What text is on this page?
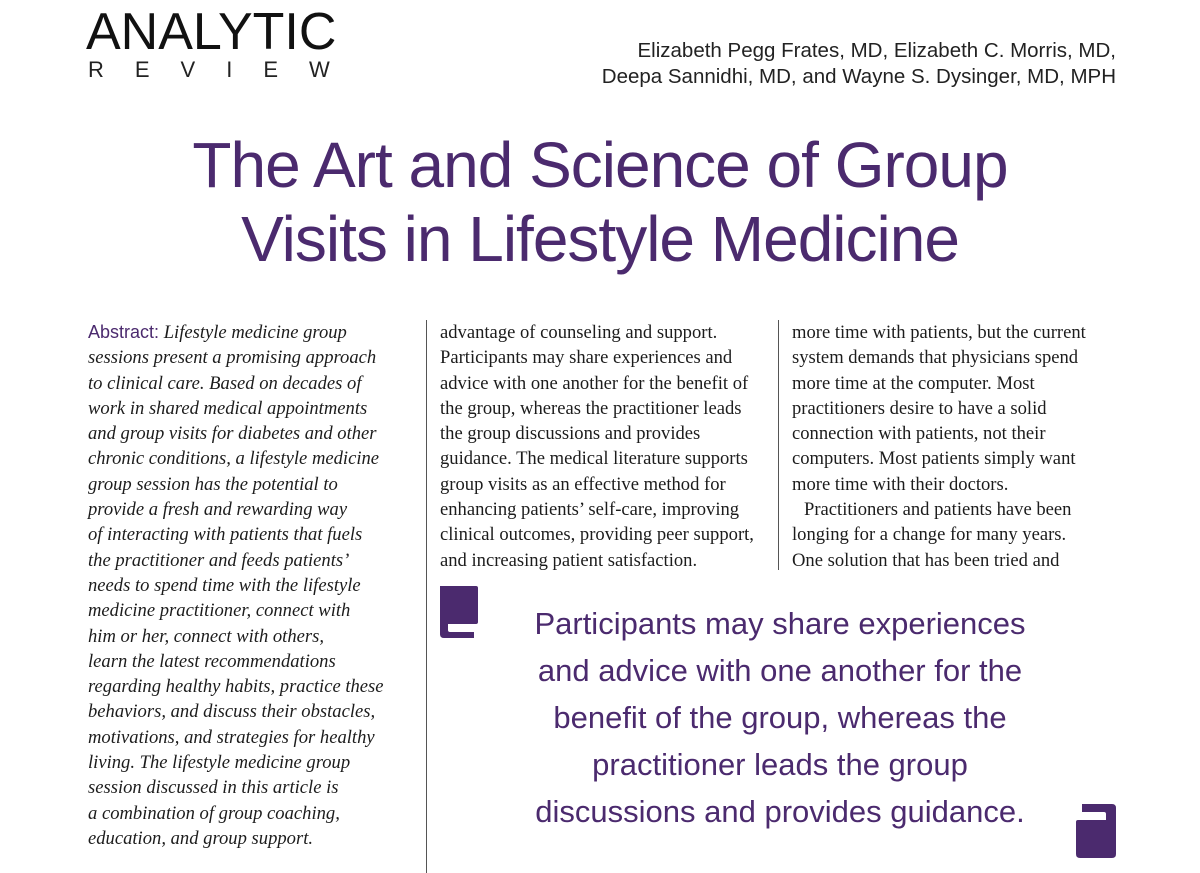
ANALYTIC
REVIEW
Elizabeth Pegg Frates, MD, Elizabeth C. Morris, MD,
Deepa Sannidhi, MD, and Wayne S. Dysinger, MD, MPH
The Art and Science of Group
Visits in Lifestyle Medicine
Abstract: Lifestyle medicine group
sessions present a promising approach
to clinical care. Based on decades of
work in shared medical appointments
and group visits for diabetes and other
chronic conditions, a lifestyle medicine
group session has the potential to
provide a fresh and rewarding way
of interacting with patients that fuels
the practitioner and feeds patients’
needs to spend time with the lifestyle
medicine practitioner, connect with
him or her, connect with others,
learn the latest recommendations
regarding healthy habits, practice these
behaviors, and discuss their obstacles,
motivations, and strategies for healthy
living. The lifestyle medicine group
session discussed in this article is
a combination of group coaching,
education, and group support.
advantage of counseling and support.
Participants may share experiences and
advice with one another for the benefit of
the group, whereas the practitioner leads
the group discussions and provides
guidance. The medical literature supports
group visits as an effective method for
enhancing patients’ self-care, improving
clinical outcomes, providing peer support,
and increasing patient satisfaction.
more time with patients, but the current
system demands that physicians spend
more time at the computer. Most
practitioners desire to have a solid
connection with patients, not their
computers. Most patients simply want
more time with their doctors.
Practitioners and patients have been
longing for a change for many years.
One solution that has been tried and
Participants may share experiences
and advice with one another for the
benefit of the group, whereas the
practitioner leads the group
discussions and provides guidance.
